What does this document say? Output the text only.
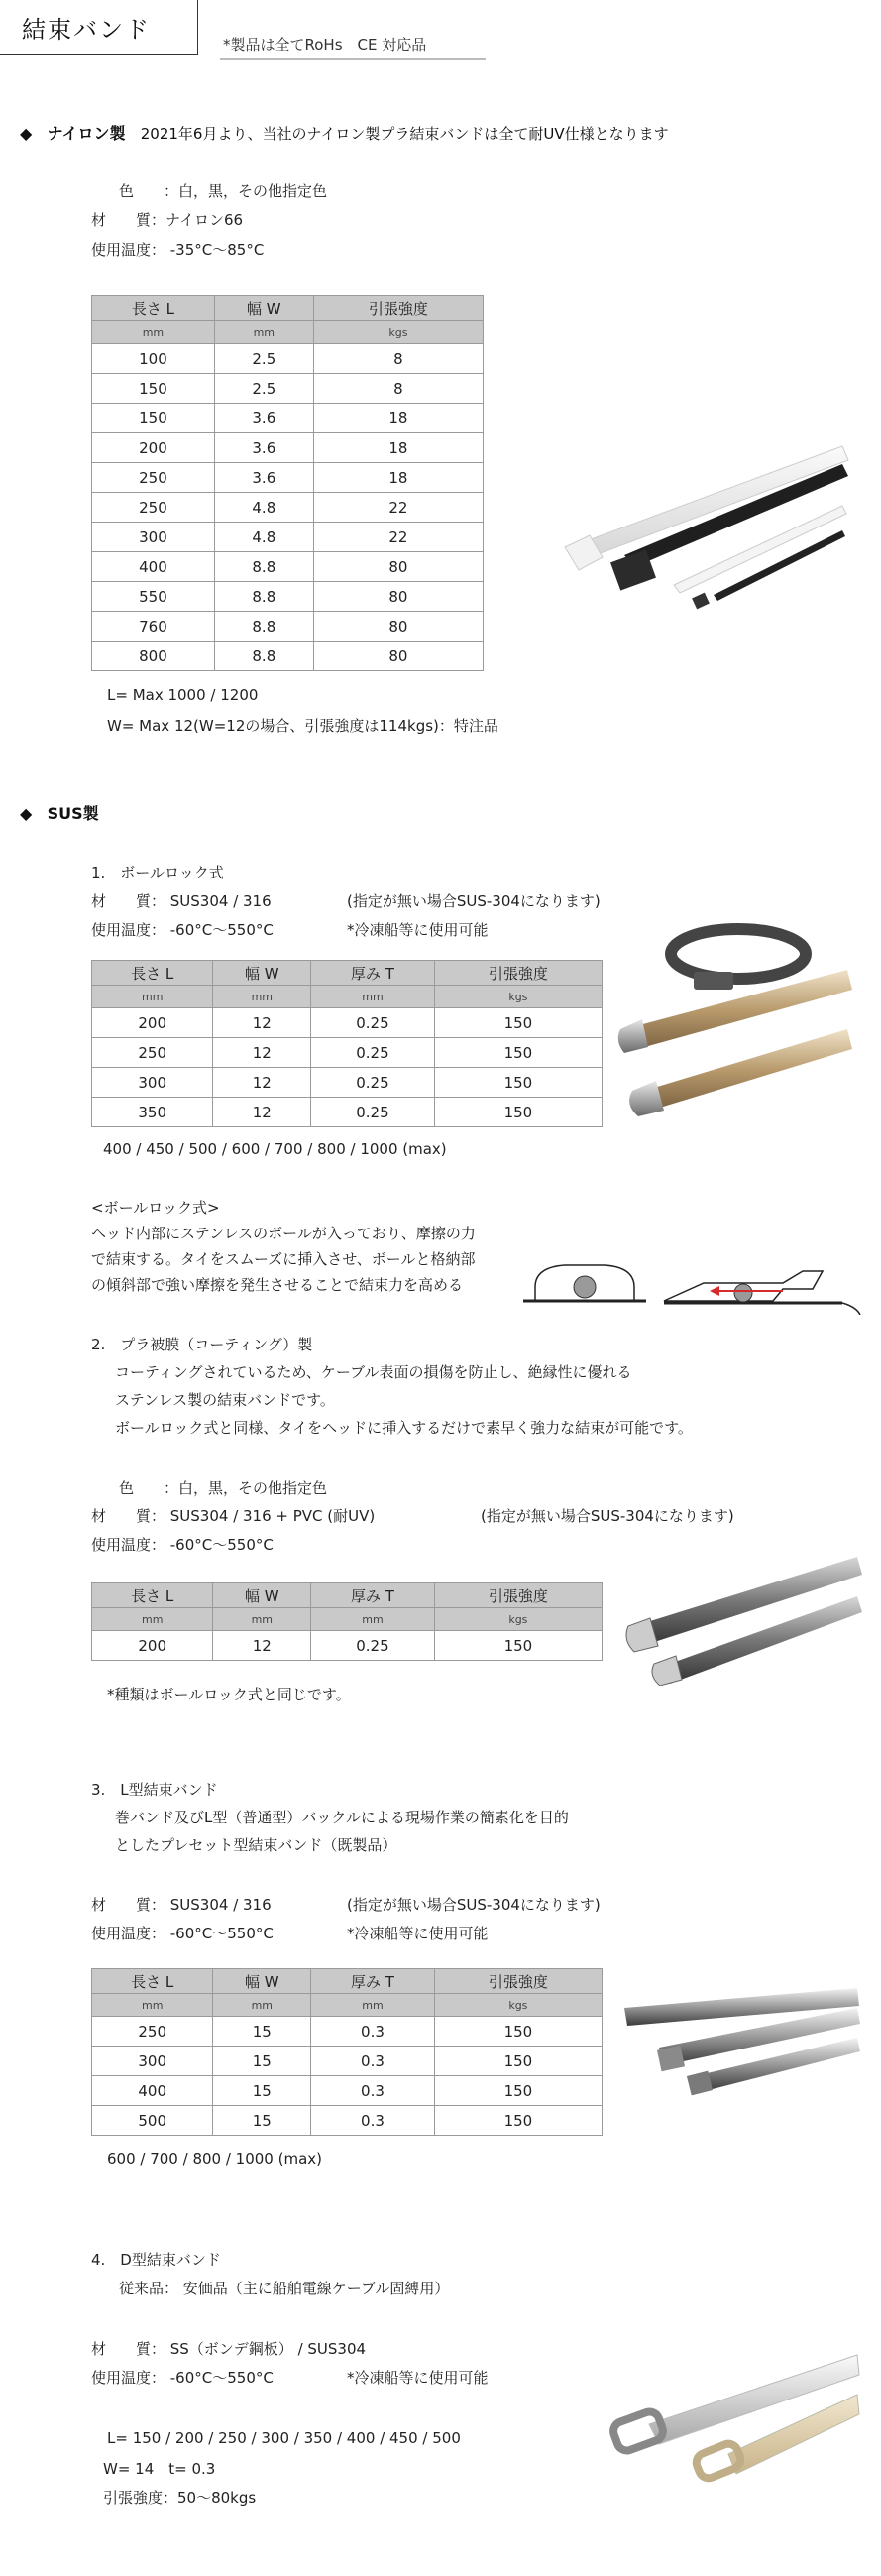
結束バンド
*製品は全てRoHs　CE 対応品
◆ ナイロン製 2021年6月より、当社のナイロン製プラ結束バンドは全て耐UV仕様となります
色　　：白，黒，その他指定色
材　　質：ナイロン66
使用温度： -35°C～85°C
長さ L	幅 W	引張強度
mm	mm	kgs
100	2.5	8
150	2.5	8
150	3.6	18
200	3.6	18
250	3.6	18
250	4.8	22
300	4.8	22
400	8.8	80
550	8.8	80
760	8.8	80
800	8.8	80
L= Max 1000 / 1200
W= Max 12(W=12の場合、引張強度は114kgs)：特注品
◆ SUS製
1.　ボールロック式
材　　質： SUS304 / 316	(指定が無い場合SUS-304になります)
使用温度： -60°C～550°C	*冷凍船等に使用可能
長さ L	幅 W	厚み T	引張強度
mm	mm	mm	kgs
200	12	0.25	150
250	12	0.25	150
300	12	0.25	150
350	12	0.25	150
400 / 450 / 500 / 600 / 700 / 800 / 1000 (max)
<ボールロック式>
ヘッド内部にステンレスのボールが入っており、摩擦の力
で結束する。タイをスムーズに挿入させ、ボールと格納部
の傾斜部で強い摩擦を発生させることで結束力を高める
2.　プラ被膜（コーティング）製
コーティングされているため、ケーブル表面の損傷を防止し、絶縁性に優れる
ステンレス製の結束バンドです。
ボールロック式と同様、タイをヘッドに挿入するだけで素早く強力な結束が可能です。
色　　：白，黒，その他指定色
材　　質： SUS304 / 316 + PVC (耐UV)	(指定が無い場合SUS-304になります)
使用温度： -60°C～550°C
長さ L	幅 W	厚み T	引張強度
mm	mm	mm	kgs
200	12	0.25	150
*種類はボールロック式と同じです。
3.　L型結束バンド
巻バンド及びL型（普通型）バックルによる現場作業の簡素化を目的
としたプレセット型結束バンド（既製品）
材　　質： SUS304 / 316	(指定が無い場合SUS-304になります)
使用温度： -60°C～550°C	*冷凍船等に使用可能
長さ L	幅 W	厚み T	引張強度
mm	mm	mm	kgs
250	15	0.3	150
300	15	0.3	150
400	15	0.3	150
500	15	0.3	150
600 / 700 / 800 / 1000 (max)
4.　D型結束バンド
従来品： 安価品（主に船舶電線ケーブル固縛用）
材　　質： SS（ボンデ鋼板） / SUS304
使用温度： -60°C～550°C	*冷凍船等に使用可能
L= 150 / 200 / 250 / 300 / 350 / 400 / 450 / 500
W= 14　t= 0.3
引張強度：50～80kgs
